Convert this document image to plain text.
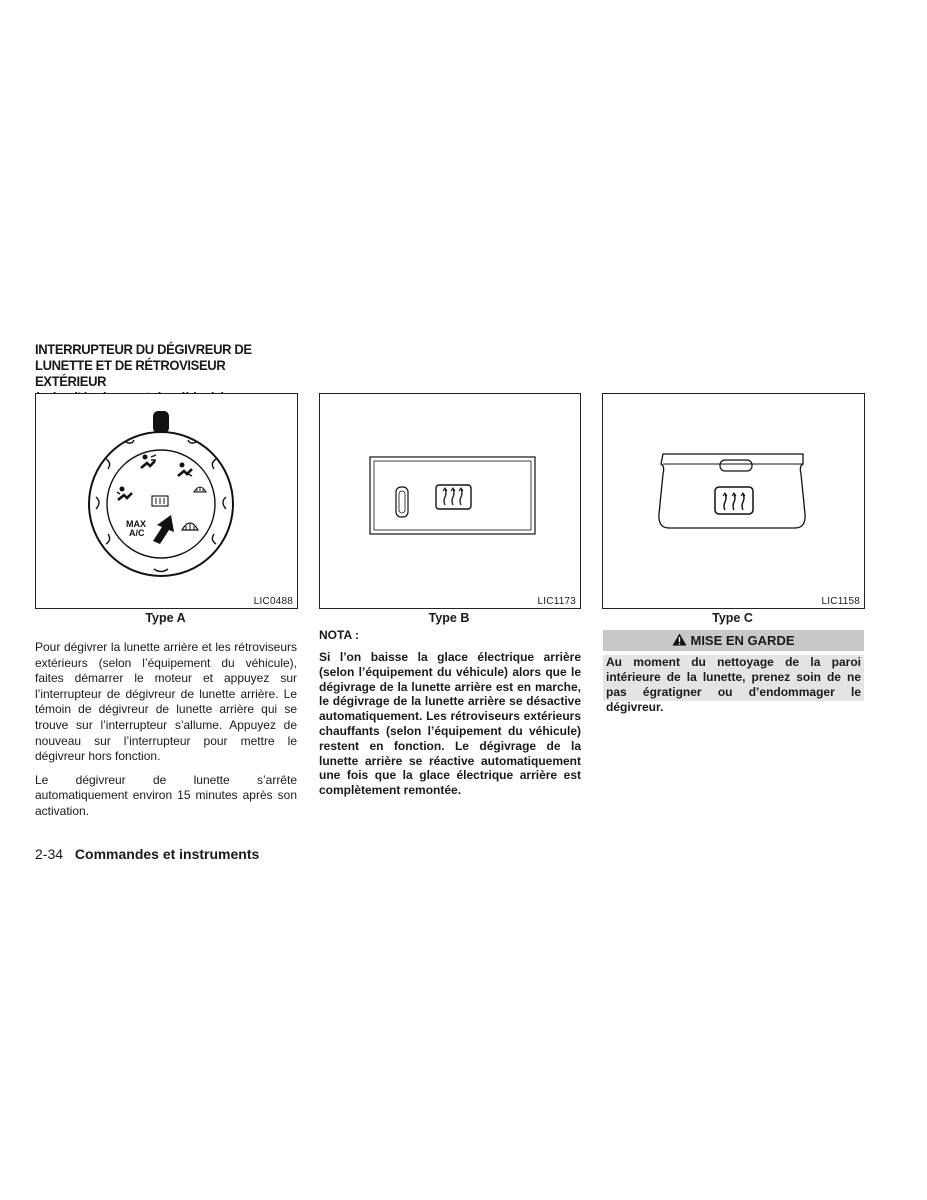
INTERRUPTEUR DU DÉGIVREUR DE
LUNETTE ET DE RÉTROVISEUR EXTÉRIEUR
MAX
A/C
LIC0488
Type A
LIC1173
Type B
LIC1158
Type C

Pour dégivrer la lunette arrière et les rétroviseurs extérieurs (selon l’équipement du véhicule), faites démarrer le moteur et appuyez sur l’interrupteur de dégivreur de lunette arrière. Le témoin de dégivreur de lunette arrière qui se trouve sur l’interrupteur s’allume. Appuyez de nouveau sur l’interrupteur pour mettre le dégivreur hors fonction.

Le dégivreur de lunette s’arrête automatiquement environ 15 minutes après son activation.

NOTA :
Si l’on baisse la glace électrique arrière (selon l’équipement du véhicule) alors que le dégivrage de la lunette arrière est en marche, le dégivrage de la lunette arrière se désactive automatiquement. Les rétroviseurs extérieurs chauffants (selon l’équipement du véhicule) restent en fonction. Le dégivrage de la lunette arrière se réactive automatiquement une fois que la glace électrique arrière est complètement remontée.
MISE EN GARDE
Au moment du nettoyage de la paroi intérieure de la lunette, prenez soin de ne pas égratigner ou d’endommager le dégivreur.
2-34 Commandes et instruments
